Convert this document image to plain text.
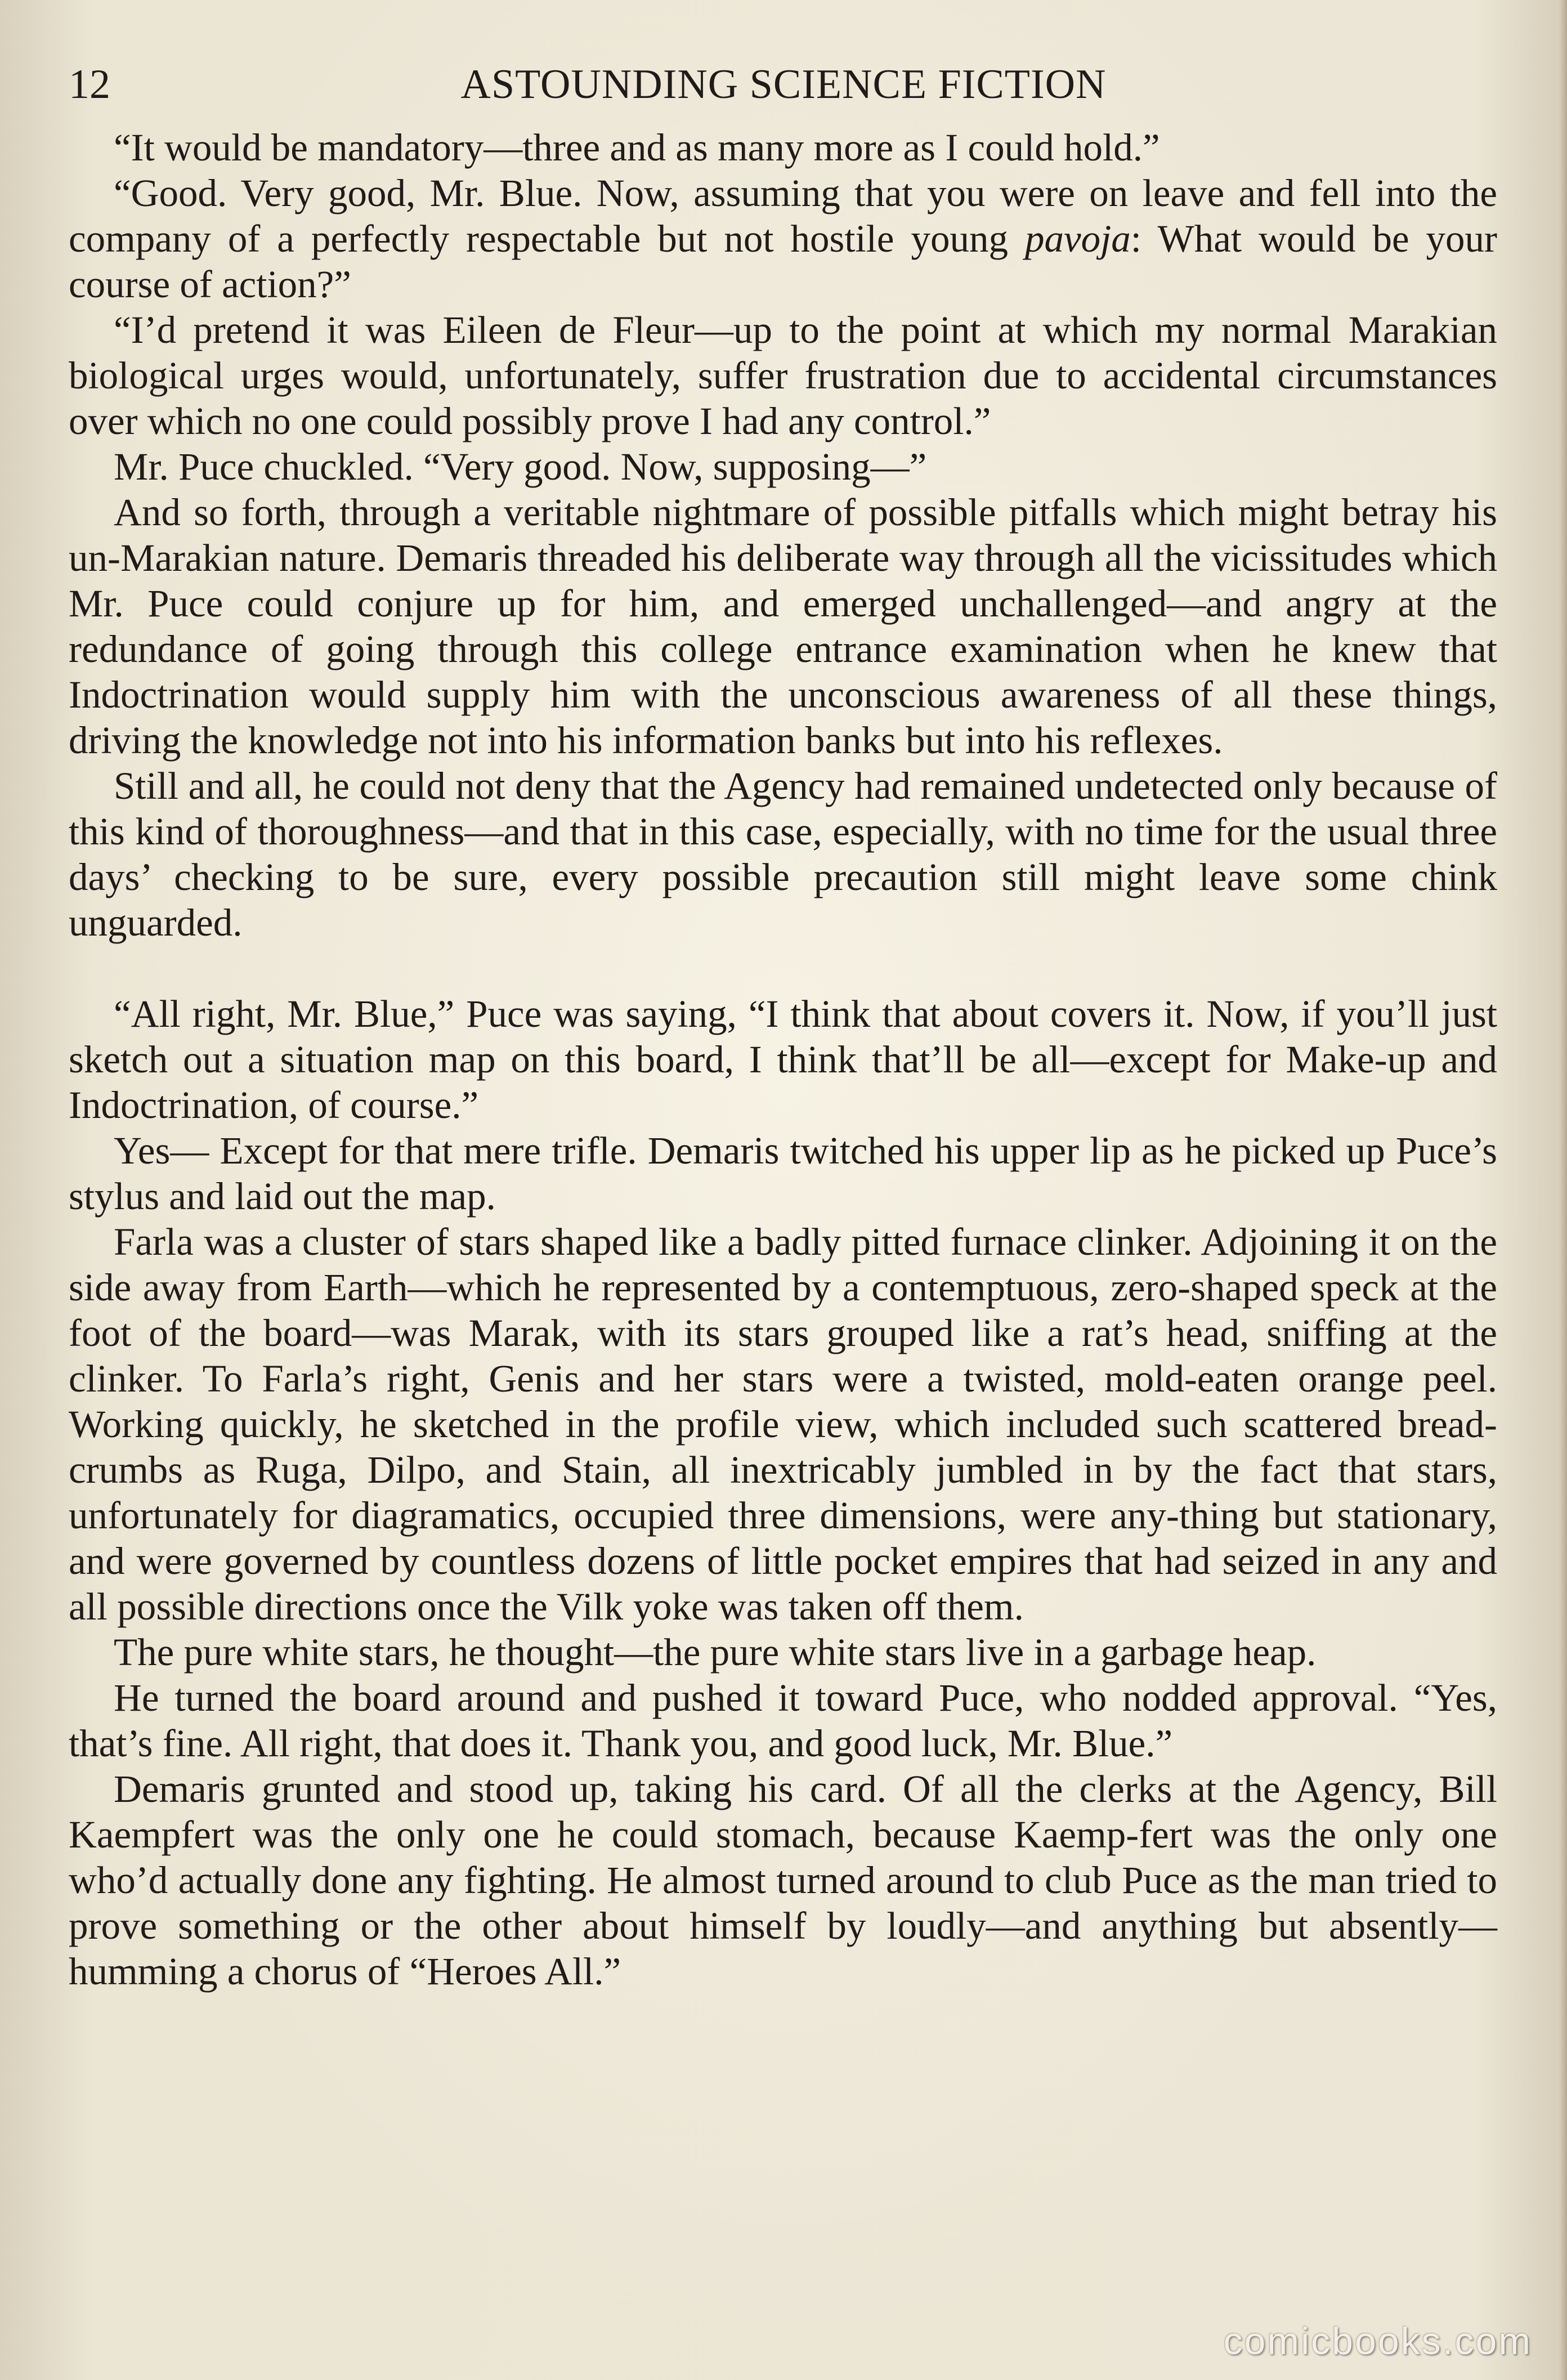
12	ASTOUNDING SCIENCE FICTION

“It would be mandatory—three and as many more as I could hold.”

“Good. Very good, Mr. Blue. Now, assuming that you were on leave and fell into the company of a perfectly respectable but not hostile young pavoja: What would be your course of action?”

“I’d pretend it was Eileen de Fleur—up to the point at which my normal Marakian biological urges would, unfortunately, suffer frustration due to accidental circumstances over which no one could possibly prove I had any control.”

Mr. Puce chuckled. “Very good. Now, supposing—”

And so forth, through a veritable nightmare of possible pitfalls which might betray his un-Marakian nature. Demaris threaded his deliberate way through all the vicissitudes which Mr. Puce could conjure up for him, and emerged unchallenged—and angry at the redundance of going through this college entrance examination when he knew that Indoctrination would supply him with the unconscious awareness of all these things, driving the knowledge not into his information banks but into his reflexes.

Still and all, he could not deny that the Agency had remained undetected only because of this kind of thoroughness—and that in this case, especially, with no time for the usual three days’ checking to be sure, every possible precaution still might leave some chink unguarded.

“All right, Mr. Blue,” Puce was saying, “I think that about covers it. Now, if you’ll just sketch out a situation map on this board, I think that’ll be all—except for Make-up and Indoctrination, of course.”

Yes— Except for that mere trifle. Demaris twitched his upper lip as he picked up Puce’s stylus and laid out the map.

Farla was a cluster of stars shaped like a badly pitted furnace clinker. Adjoining it on the side away from Earth—which he represented by a contemptuous, zero-shaped speck at the foot of the board—was Marak, with its stars grouped like a rat’s head, sniffing at the clinker. To Farla’s right, Genis and her stars were a twisted, mold-eaten orange peel. Working quickly, he sketched in the profile view, which included such scattered bread-crumbs as Ruga, Dilpo, and Stain, all inextricably jumbled in by the fact that stars, unfortunately for diagramatics, occupied three dimensions, were any-thing but stationary, and were governed by countless dozens of little pocket empires that had seized in any and all possible directions once the Vilk yoke was taken off them.

The pure white stars, he thought—the pure white stars live in a garbage heap.

He turned the board around and pushed it toward Puce, who nodded approval. “Yes, that’s fine. All right, that does it. Thank you, and good luck, Mr. Blue.”

Demaris grunted and stood up, taking his card. Of all the clerks at the Agency, Bill Kaempfert was the only one he could stomach, because Kaemp-fert was the only one who’d actually done any fighting. He almost turned around to club Puce as the man tried to prove something or the other about himself by loudly—and anything but absently—humming a chorus of “Heroes All.”

comicbooks.com
